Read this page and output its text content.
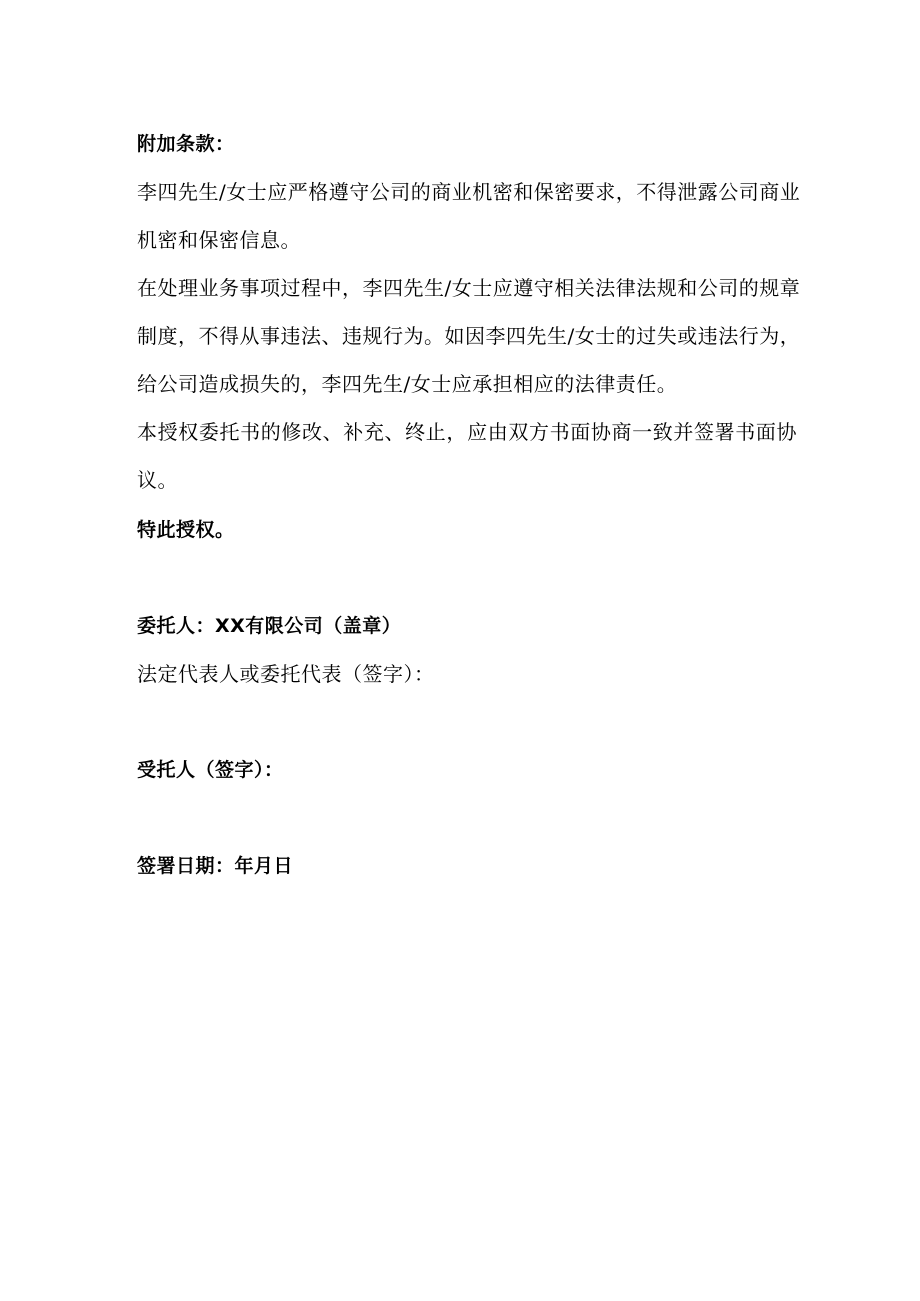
附加条款：
李四先生/女士应严格遵守公司的商业机密和保密要求，不得泄露公司商业
机密和保密信息。
在处理业务事项过程中，李四先生/女士应遵守相关法律法规和公司的规章
制度，不得从事违法、违规行为。如因李四先生/女士的过失或违法行为，
给公司造成损失的，李四先生/女士应承担相应的法律责任。
本授权委托书的修改、补充、终止，应由双方书面协商一致并签署书面协
议。
特此授权。
委托人：XX有限公司（盖章）
法定代表人或委托代表（签字）：
受托人（签字）：
签署日期：年月日
